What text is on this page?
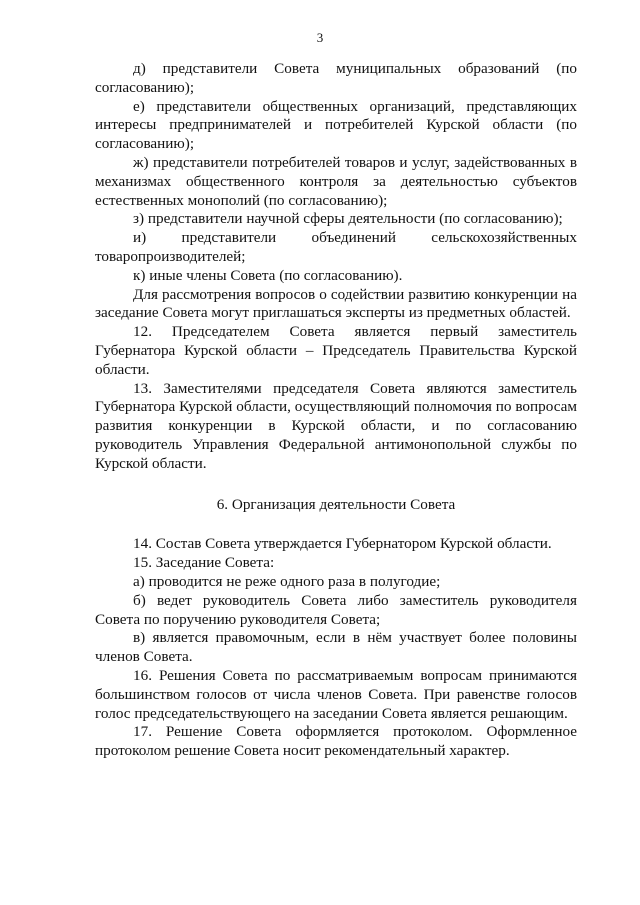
3

д) представители Совета муниципальных образований (по согласованию);

е) представители общественных организаций, представляющих интересы предпринимателей и потребителей Курской области (по согласованию);

ж) представители потребителей товаров и услуг, задействованных в механизмах общественного контроля за деятельностью субъектов естественных монополий (по согласованию);

з) представители научной сферы деятельности (по согласованию);

и) представители объединений сельскохозяйственных товаропроизводителей;

к) иные члены Совета (по согласованию).

Для рассмотрения вопросов о содействии развитию конкуренции на заседание Совета могут приглашаться эксперты из предметных областей.

12. Председателем Совета является первый заместитель Губернатора Курской области – Председатель Правительства Курской области.

13. Заместителями председателя Совета являются заместитель Губернатора Курской области, осуществляющий полномочия по вопросам развития конкуренции в Курской области, и по согласованию руководитель Управления Федеральной антимонопольной службы по Курской области.

6. Организация деятельности Совета

14. Состав Совета утверждается Губернатором Курской области.

15. Заседание Совета:

а) проводится не реже одного раза в полугодие;

б) ведет руководитель Совета либо заместитель руководителя Совета по поручению руководителя Совета;

в) является правомочным, если в нём участвует более половины членов Совета.

16. Решения Совета по рассматриваемым вопросам принимаются большинством голосов от числа членов Совета. При равенстве голосов голос председательствующего на заседании Совета является решающим.

17. Решение Совета оформляется протоколом. Оформленное протоколом решение Совета носит рекомендательный характер.
